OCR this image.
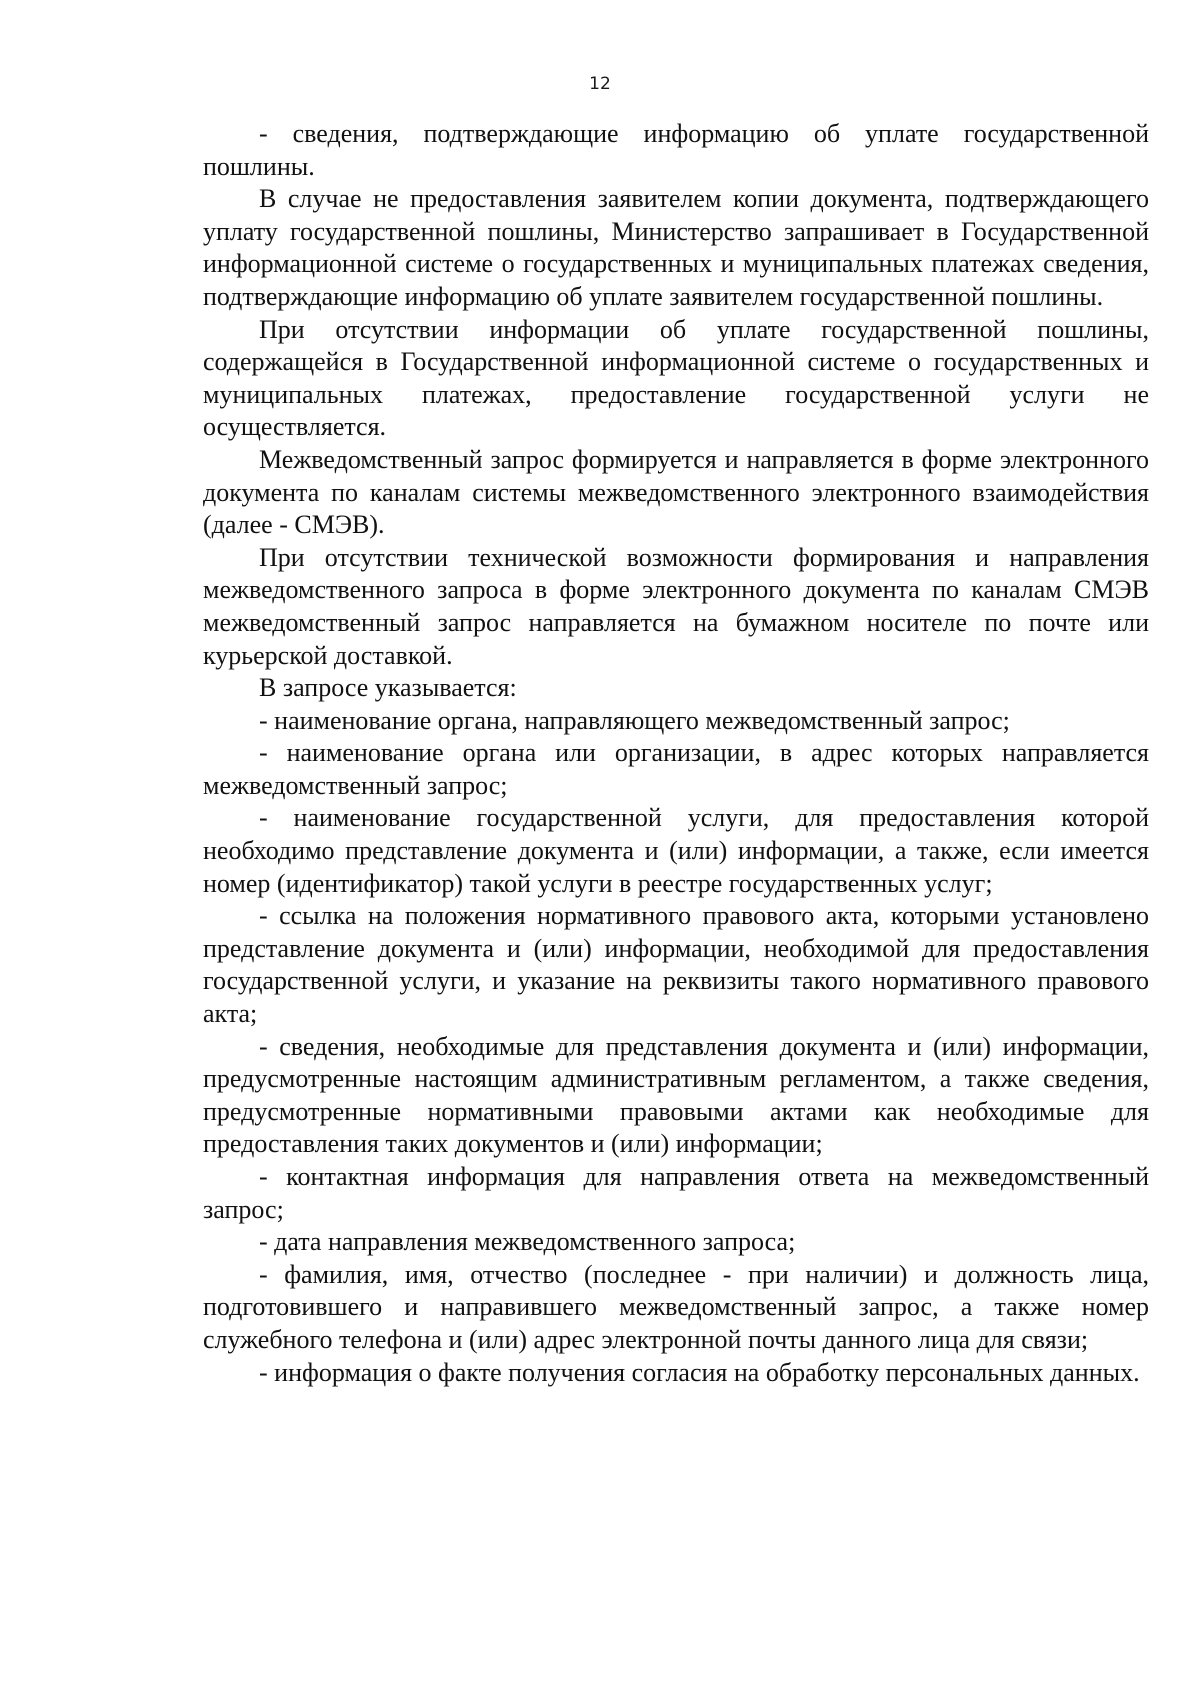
12

- сведения, подтверждающие информацию об уплате государственной пошлины.

В случае не предоставления заявителем копии документа, подтверждающего уплату государственной пошлины, Министерство запрашивает в Государственной информационной системе о государственных и муниципальных платежах сведения, подтверждающие информацию об уплате заявителем государственной пошлины.

При отсутствии информации об уплате государственной пошлины, содержащейся в Государственной информационной системе о государственных и муниципальных платежах, предоставление государственной услуги не осуществляется.

Межведомственный запрос формируется и направляется в форме электронного документа по каналам системы межведомственного электронного взаимодействия (далее - СМЭВ).

При отсутствии технической возможности формирования и направления межведомственного запроса в форме электронного документа по каналам СМЭВ межведомственный запрос направляется на бумажном носителе по почте или курьерской доставкой.

В запросе указывается:

- наименование органа, направляющего межведомственный запрос;

- наименование органа или организации, в адрес которых направляется межведомственный запрос;

- наименование государственной услуги, для предоставления которой необходимо представление документа и (или) информации, а также, если имеется номер (идентификатор) такой услуги в реестре государственных услуг;

- ссылка на положения нормативного правового акта, которыми установлено представление документа и (или) информации, необходимой для предоставления государственной услуги, и указание на реквизиты такого нормативного правового акта;

- сведения, необходимые для представления документа и (или) информации, предусмотренные настоящим административным регламентом, а также сведения, предусмотренные нормативными правовыми актами как необходимые для предоставления таких документов и (или) информации;

- контактная информация для направления ответа на межведомственный запрос;

- дата направления межведомственного запроса;

- фамилия, имя, отчество (последнее - при наличии) и должность лица, подготовившего и направившего межведомственный запрос, а также номер служебного телефона и (или) адрес электронной почты данного лица для связи;

- информация о факте получения согласия на обработку персональных данных.
